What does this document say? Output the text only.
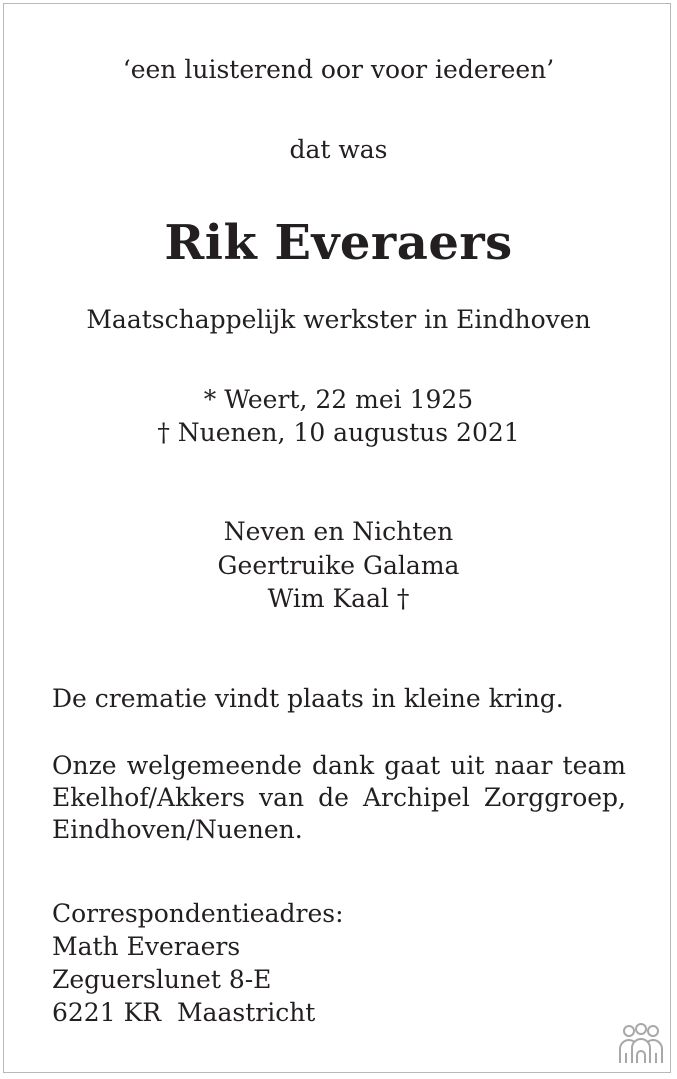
‘een luisterend oor voor iedereen’
dat was
Rik Everaers
Maatschappelijk werkster in Eindhoven
* Weert, 22 mei 1925
† Nuenen, 10 augustus 2021
Neven en Nichten
Geertruike Galama
Wim Kaal †
De crematie vindt plaats in kleine kring.
Onze welgemeende dank gaat uit naar team
Ekelhof/Akkers van de Archipel Zorggroep,
Eindhoven/Nuenen.
Correspondentieadres:
Math Everaers
Zeguerslunet 8-E
6221 KR  Maastricht
